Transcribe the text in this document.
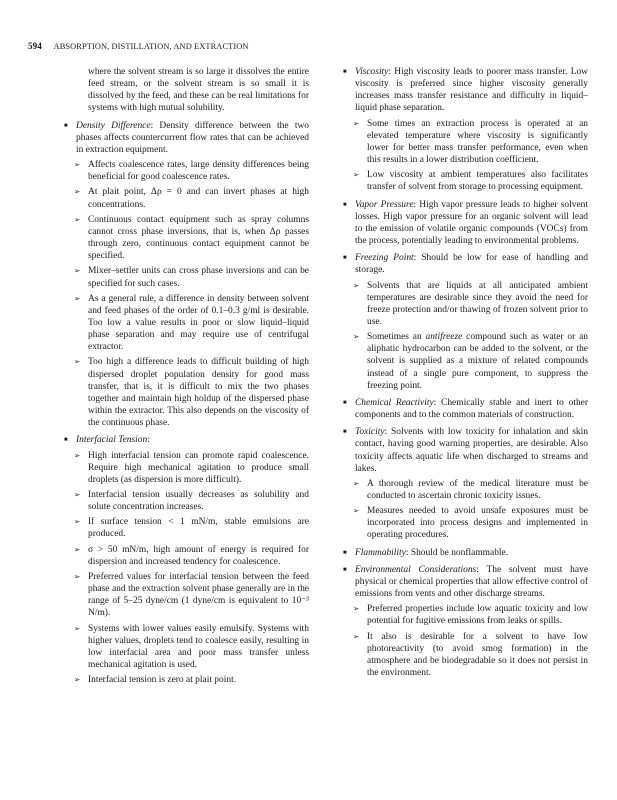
594 ABSORPTION, DISTILLATION, AND EXTRACTION

where the solvent stream is so large it dissolves the entire feed stream, or the solvent stream is so small it is dissolved by the feed, and these can be real limitations for systems with high mutual solubility.

■ Density Difference: Density difference between the two phases affects countercurrent flow rates that can be achieved in extraction equipment.
➢ Affects coalescence rates, large density differences being beneficial for good coalescence rates.
➢ At plait point, Δρ = 0 and can invert phases at high concentrations.
➢ Continuous contact equipment such as spray columns cannot cross phase inversions, that is, when Δρ passes through zero, continuous contact equipment cannot be specified.
➢ Mixer–settler units can cross phase inversions and can be specified for such cases.
➢ As a general rule, a difference in density between solvent and feed phases of the order of 0.1–0.3 g/ml is desirable. Too low a value results in poor or slow liquid–liquid phase separation and may require use of centrifugal extractor.
➢ Too high a difference leads to difficult building of high dispersed droplet population density for good mass transfer, that is, it is difficult to mix the two phases together and maintain high holdup of the dispersed phase within the extractor. This also depends on the viscosity of the continuous phase.
■ Interfacial Tension:
➢ High interfacial tension can promote rapid coalescence. Require high mechanical agitation to produce small droplets (as dispersion is more difficult).
➢ Interfacial tension usually decreases as solubility and solute concentration increases.
➢ If surface tension < 1 mN/m, stable emulsions are produced.
➢ σ > 50 mN/m, high amount of energy is required for dispersion and increased tendency for coalescence.
➢ Preferred values for interfacial tension between the feed phase and the extraction solvent phase generally are in the range of 5–25 dyne/cm (1 dyne/cm is equivalent to 10⁻³ N/m).
➢ Systems with lower values easily emulsify. Systems with higher values, droplets tend to coalesce easily, resulting in low interfacial area and poor mass transfer unless mechanical agitation is used.
➢ Interfacial tension is zero at plait point.
■ Viscosity: High viscosity leads to poorer mass transfer. Low viscosity is preferred since higher viscosity generally increases mass transfer resistance and difficulty in liquid–liquid phase separation.
➢ Some times an extraction process is operated at an elevated temperature where viscosity is significantly lower for better mass transfer performance, even when this results in a lower distribution coefficient.
➢ Low viscosity at ambient temperatures also facilitates transfer of solvent from storage to processing equipment.
■ Vapor Pressure: High vapor pressure leads to higher solvent losses. High vapor pressure for an organic solvent will lead to the emission of volatile organic compounds (VOCs) from the process, potentially leading to environmental problems.
■ Freezing Point: Should be low for ease of handling and storage.
➢ Solvents that are liquids at all anticipated ambient temperatures are desirable since they avoid the need for freeze protection and/or thawing of frozen solvent prior to use.
➢ Sometimes an antifreeze compound such as water or an aliphatic hydrocarbon can be added to the solvent, or the solvent is supplied as a mixture of related compounds instead of a single pure component, to suppress the freezing point.
■ Chemical Reactivity: Chemically stable and inert to other components and to the common materials of construction.
■ Toxicity: Solvents with low toxicity for inhalation and skin contact, having good warning properties, are desirable. Also toxicity affects aquatic life when discharged to streams and lakes.
➢ A thorough review of the medical literature must be conducted to ascertain chronic toxicity issues.
➢ Measures needed to avoid unsafe exposures must be incorporated into process designs and implemented in operating procedures.
■ Flammability: Should be nonflammable.
■ Environmental Considerations: The solvent must have physical or chemical properties that allow effective control of emissions from vents and other discharge streams.
➢ Preferred properties include low aquatic toxicity and low potential for fugitive emissions from leaks or spills.
➢ It also is desirable for a solvent to have low photoreactivity (to avoid smog formation) in the atmosphere and be biodegradable so it does not persist in the environment.
